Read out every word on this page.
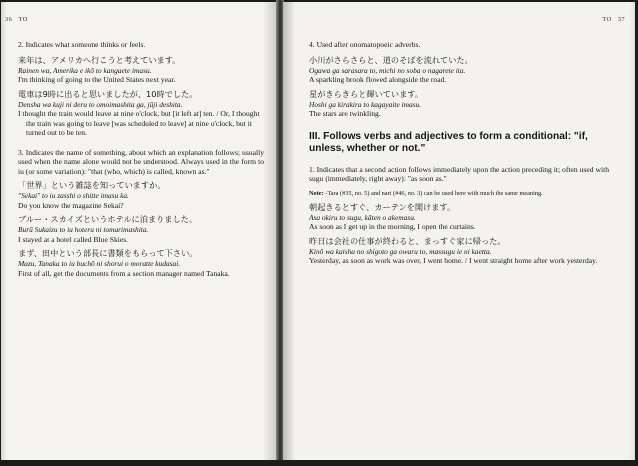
36 TO
2. Indicates what someone thinks or feels.
来年は、アメリカへ行こうと考えています。
Rainen wa, Amerika e ikō to kangaete imasu.
I'm thinking of going to the United States next year.
電車は9時に出ると思いましたが、10時でした。
Densha wa kuji ni deru to omoimashita ga, jūji deshita.
I thought the train would leave at nine o'clock, but [it left at] ten. / Or, I thought the train was going to leave [was scheduled to leave] at nine o'clock, but it turned out to be ten.
3. Indicates the name of something, about which an explanation follows; usually used when the name alone would not be understood. Always used in the form to iu (or some variation): "that (who, which) is called, known as."
「世界」という雑誌を知っていますか。
"Sekai" to iu zasshi o shitte imasu ka.
Do you know the magazine Sekai?
ブルー・スカイズというホテルに泊まりました。
Burū Sukaizu to iu hoteru ni tomarimashita.
I stayed at a hotel called Blue Skies.
まず、田中という部長に書類をもらって下さい。
Mazu, Tanaka to iu buchō ni shorui o moratte kudasai.
First of all, get the documents from a section manager named Tanaka.
TO 37
4. Used after onomatopoeic adverbs.
小川がさらさらと、道のそばを流れていた。
Ogawa ga sarasara to, michi no soba o nagarete ita.
A sparkling brook flowed alongside the road.
星がきらきらと輝いています。
Hoshi ga kirakira to kagayaite imasu.
The stars are twinkling.
III. Follows verbs and adjectives to form a conditional: "if, unless, whether or not."
1. Indicates that a second action follows immediately upon the action preceding it; often used with sugu (immediately, right away): "as soon as."
Note: -Tara (#35, no. 5) and nari (#46, no. 3) can be used here with much the same meaning.
朝起きるとすぐ、カーテンを開けます。
Asa okiru to sugu, kāten o akemasu.
As soon as I get up in the morning, I open the curtains.
昨日は会社の仕事が終わると、まっすぐ家に帰った。
Kinō wa kaisha no shigoto ga owaru to, massugu ie ni kaetta.
Yesterday, as soon as work was over, I went home. / I went straight home after work yesterday.
